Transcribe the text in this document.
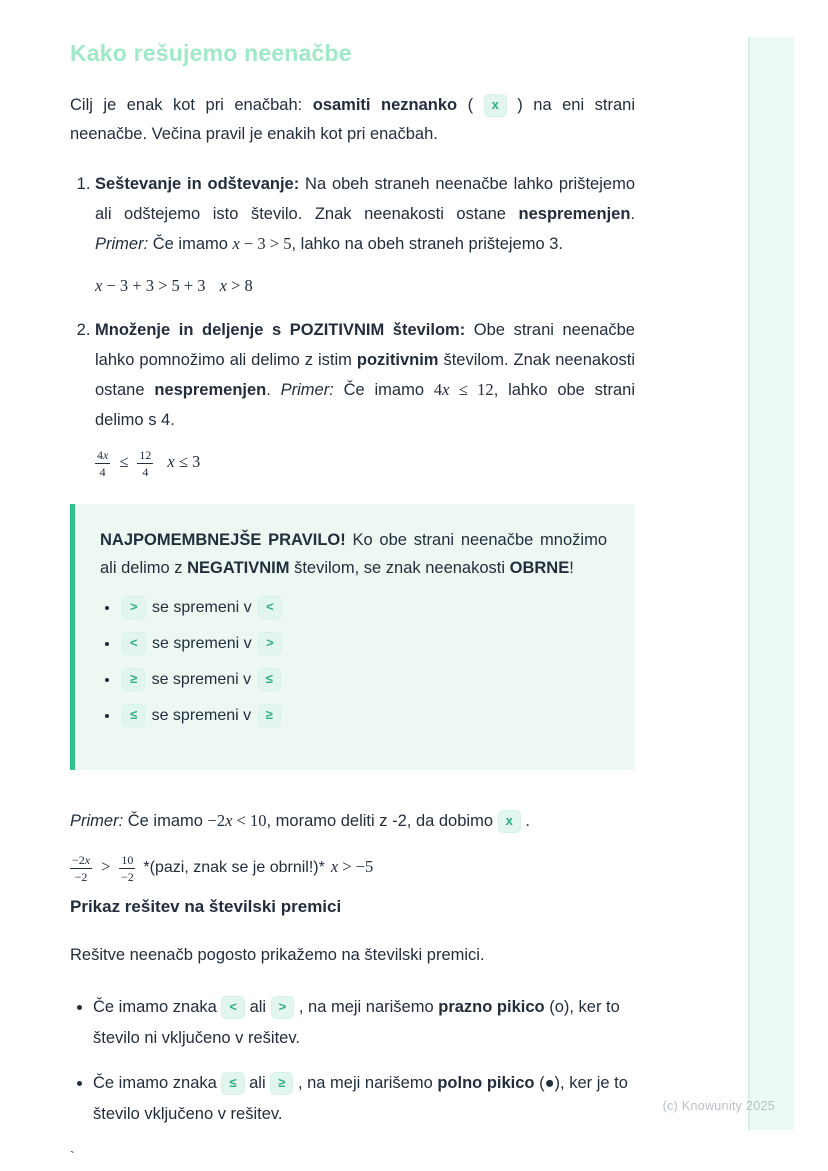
Kako rešujemo neenačbe

Cilj je enak kot pri enačbah: osamiti neznanko ( x ) na eni strani neenačbe. Večina pravil je enakih kot pri enačbah.

1. Seštevanje in odštevanje: Na obeh straneh neenačbe lahko prištejemo ali odštejemo isto število. Znak neenakosti ostane nespremenjen. Primer: Če imamo x − 3 > 5, lahko na obeh straneh prištejemo 3.
x − 3 + 3 > 5 + 3 x > 8
2. Množenje in deljenje s POZITIVNIM številom: Obe strani neenačbe lahko pomnožimo ali delimo z istim pozitivnim številom. Znak neenakosti ostane nespremenjen. Primer: Če imamo 4x ≤ 12, lahko obe strani delimo s 4.
$\frac{4x}{4} \le \frac{12}{4}$ x ≤ 3

NAJPOMEMBNEJŠE PRAVILO! Ko obe strani neenačbe množimo ali delimo z NEGATIVNIM številom, se znak neenakosti OBRNE!

• > se spremeni v <
• < se spremeni v >
• ≥ se spremeni v ≤
• ≤ se spremeni v ≥

Primer: Če imamo −2x < 10, moramo deliti z -2, da dobimo x .

$\frac{-2x}{-2} > \frac{10}{-2}$ *(pazi, znak se je obrnil!)* x > −5
Prikaz rešitev na številski premici

Rešitve neenačb pogosto prikažemo na številski premici.

• Če imamo znaka < ali > , na meji narišemo prazno pikico (o), ker to število ni vključeno v rešitev.
• Če imamo znaka ≤ ali ≥ , na meji narišemo polno pikico (●), ker je to število vključeno v rešitev.
`
(c) Knowunity 2025
